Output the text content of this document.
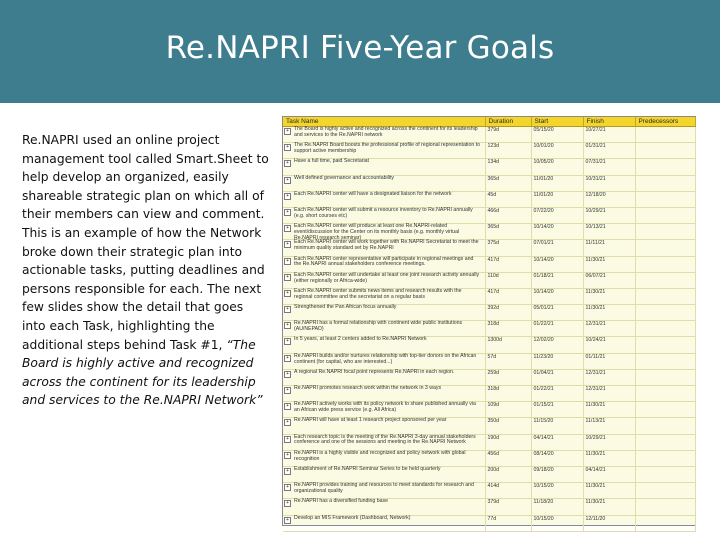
Re.NAPRI Five-Year Goals
Re.NAPRI used an online project management tool called Smart.Sheet to help develop an organized, easily shareable strategic plan on which all of their members can view and comment. This is an example of how the Network broke down their strategic plan into actionable tasks, putting deadlines and persons responsible for each. The next few slides show the detail that goes into each Task, highlighting the additional steps behind Task #1, “The Board is highly active and recognized across the continent for its leadership and services to the Re.NAPRI Network”
Task Name	Duration	Start	Finish	Predecessors
+ The Board is highly active and recognized across the continent for its leadership and services to the Re.NAPRI network	379d	05/15/20	10/27/21	
+ The Re.NAPRI Board boosts the professional profile of regional representation to support active membership	123d	10/01/20	01/31/21	
+ Have a full time, paid Secretariat	134d	10/05/20	07/31/21	
+ Well defined governance and accountability	365d	11/01/20	10/31/21	
+ Each Re.NAPRI center will have a designated liaison for the network	45d	11/01/20	12/18/20	
+ Each Re.NAPRI center will submit a resource inventory to Re.NAPRI annually (e.g. short courses etc)	466d	07/22/20	10/29/21	
+ Each Re.NAPRI center will produce at least one Re.NAPRI-related event/discussion for the Center on its monthly basis (e.g. monthly virtual Re.NAPRI research seminar)	365d	10/14/20	10/13/21	
+ Each Re.NAPRI center will work together with Re.NAPRI Secretariat to meet the minimum quality standard set by Re.NAPRI	375d	07/01/21	11/11/21	
+ Each Re.NAPRI center representative will participate in regional meetings and the Re.NAPRI annual stakeholders conference meetings.	417d	10/14/20	11/30/21	
+ Each Re.NAPRI center will undertake at least one joint research activity annually (either regionally or Africa-wide)	110d	01/18/21	06/07/21	
+ Each Re.NAPRI center submits news items and research results with the regional committee and the secretariat on a regular basis	417d	10/14/20	11/30/21	
+ Strengthened the Pan African focus annually	392d	05/01/21	11/30/21	
+ Re.NAPRI has a formal relationship with continent wide public institutions (AU/NEPAD)	318d	01/22/21	12/31/21	
+ In 5 years, at least 2 centers added to Re.NAPRI Network	1300d	12/02/20	10/24/21	
+ Re.NAPRI builds and/or nurtures relationship with top-tier donors on the African continent (for capital, who are interested...)	57d	11/23/20	01/11/21	
+ A regional Re.NAPRI focal point represents Re.NAPRI in each region.	259d	01/04/21	12/31/21	
+ Re.NAPRI promotes research work within the network in 3 ways	318d	01/22/21	12/31/21	
+ Re.NAPRI actively works with its policy network to share published annually via an African wide press service (e.g. All Africa)	109d	01/15/21	11/30/21	
+ Re.NAPRI will have at least 1 research project sponsored per year	350d	11/15/20	11/13/21	
+ Each research topic is the meeting of the Re.NAPRI 3-day annual stakeholders conference and one of the sessions and meeting in the Re.NAPRI Network	190d	04/14/21	10/29/21	
+ Re.NAPRI is a highly visible and recognized and policy network with global recognition	456d	08/14/20	11/30/21	
+ Establishment of Re.NAPRI Seminar Series to be held quarterly	200d	09/18/20	04/14/21	
+ Re.NAPRI provides training and resources to meet standards for research and organizational quality	414d	10/15/20	11/30/21	
+ Re.NAPRI has a diversified funding base	379d	11/18/20	11/30/21	
+ Develop an MIS Framework (Dashboard, Network)	77d	10/15/20	12/11/20	
